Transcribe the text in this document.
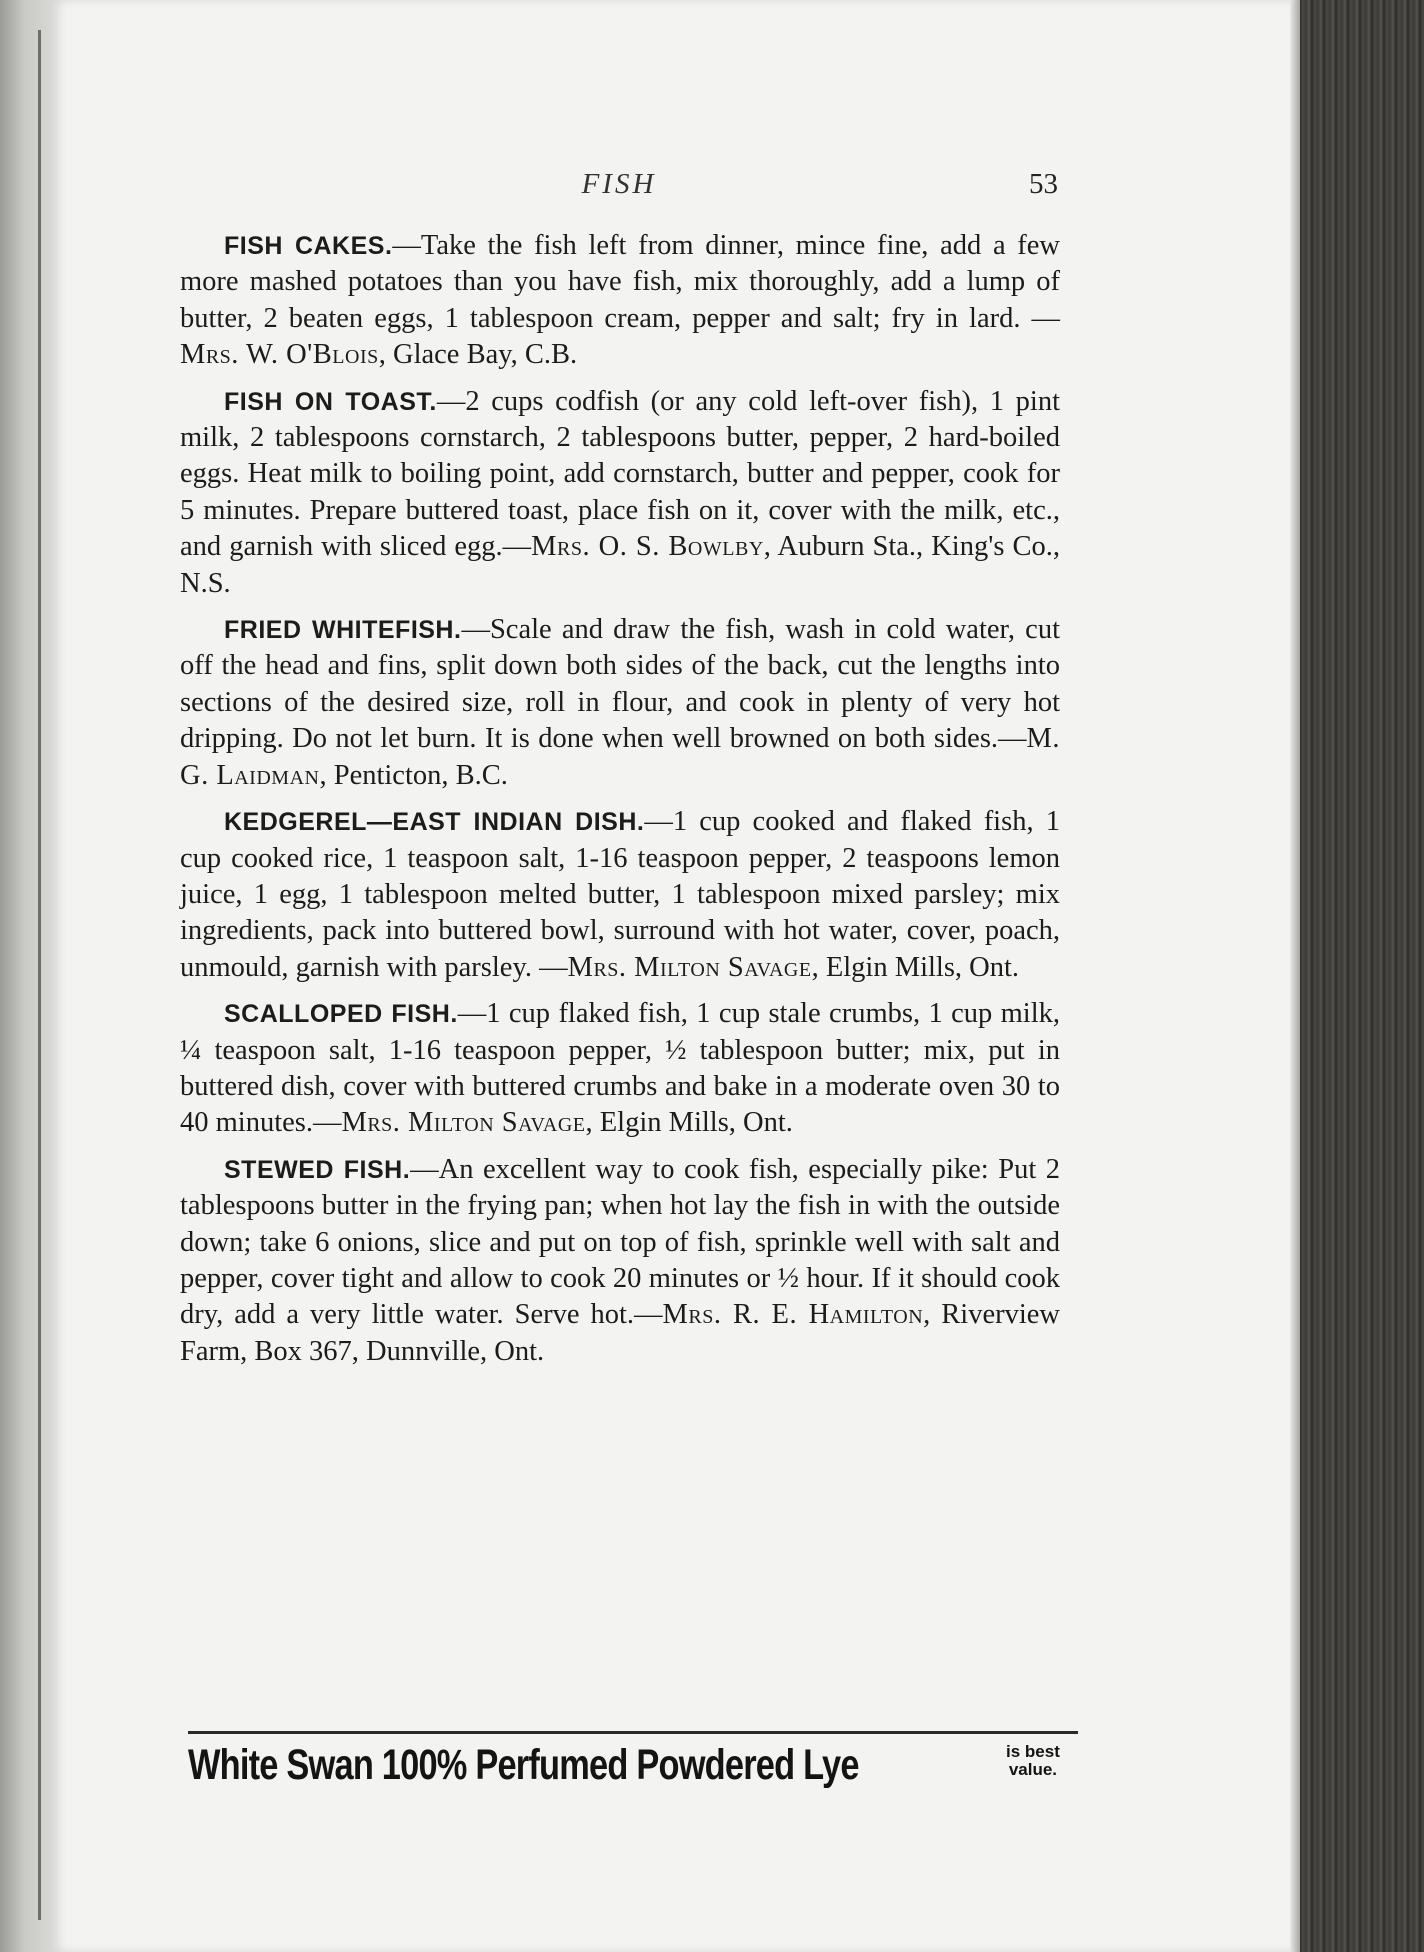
FISH	53

FISH CAKES.—Take the fish left from dinner, mince fine, add a few more mashed potatoes than you have fish, mix thoroughly, add a lump of butter, 2 beaten eggs, 1 tablespoon cream, pepper and salt; fry in lard. —Mrs. W. O'Blois, Glace Bay, C.B.

FISH ON TOAST.—2 cups codfish (or any cold left-over fish), 1 pint milk, 2 tablespoons cornstarch, 2 tablespoons butter, pepper, 2 hard-boiled eggs. Heat milk to boiling point, add cornstarch, butter and pepper, cook for 5 minutes. Prepare buttered toast, place fish on it, cover with the milk, etc., and garnish with sliced egg.—Mrs. O. S. Bowlby, Auburn Sta., King's Co., N.S.

FRIED WHITEFISH.—Scale and draw the fish, wash in cold water, cut off the head and fins, split down both sides of the back, cut the lengths into sections of the desired size, roll in flour, and cook in plenty of very hot dripping. Do not let burn. It is done when well browned on both sides.—M. G. Laidman, Penticton, B.C.

KEDGEREL—EAST INDIAN DISH.—1 cup cooked and flaked fish, 1 cup cooked rice, 1 teaspoon salt, 1-16 teaspoon pepper, 2 teaspoons lemon juice, 1 egg, 1 tablespoon melted butter, 1 tablespoon mixed parsley; mix ingredients, pack into buttered bowl, surround with hot water, cover, poach, unmould, garnish with parsley. —Mrs. Milton Savage, Elgin Mills, Ont.

SCALLOPED FISH.—1 cup flaked fish, 1 cup stale crumbs, 1 cup milk, ¼ teaspoon salt, 1-16 teaspoon pepper, ½ tablespoon butter; mix, put in buttered dish, cover with buttered crumbs and bake in a moderate oven 30 to 40 minutes.—Mrs. Milton Savage, Elgin Mills, Ont.

STEWED FISH.—An excellent way to cook fish, especially pike: Put 2 tablespoons butter in the frying pan; when hot lay the fish in with the outside down; take 6 onions, slice and put on top of fish, sprinkle well with salt and pepper, cover tight and allow to cook 20 minutes or ½ hour. If it should cook dry, add a very little water. Serve hot.—Mrs. R. E. Hamilton, Riverview Farm, Box 367, Dunnville, Ont.

White Swan 100% Perfumed Powdered Lye	is best
value.
